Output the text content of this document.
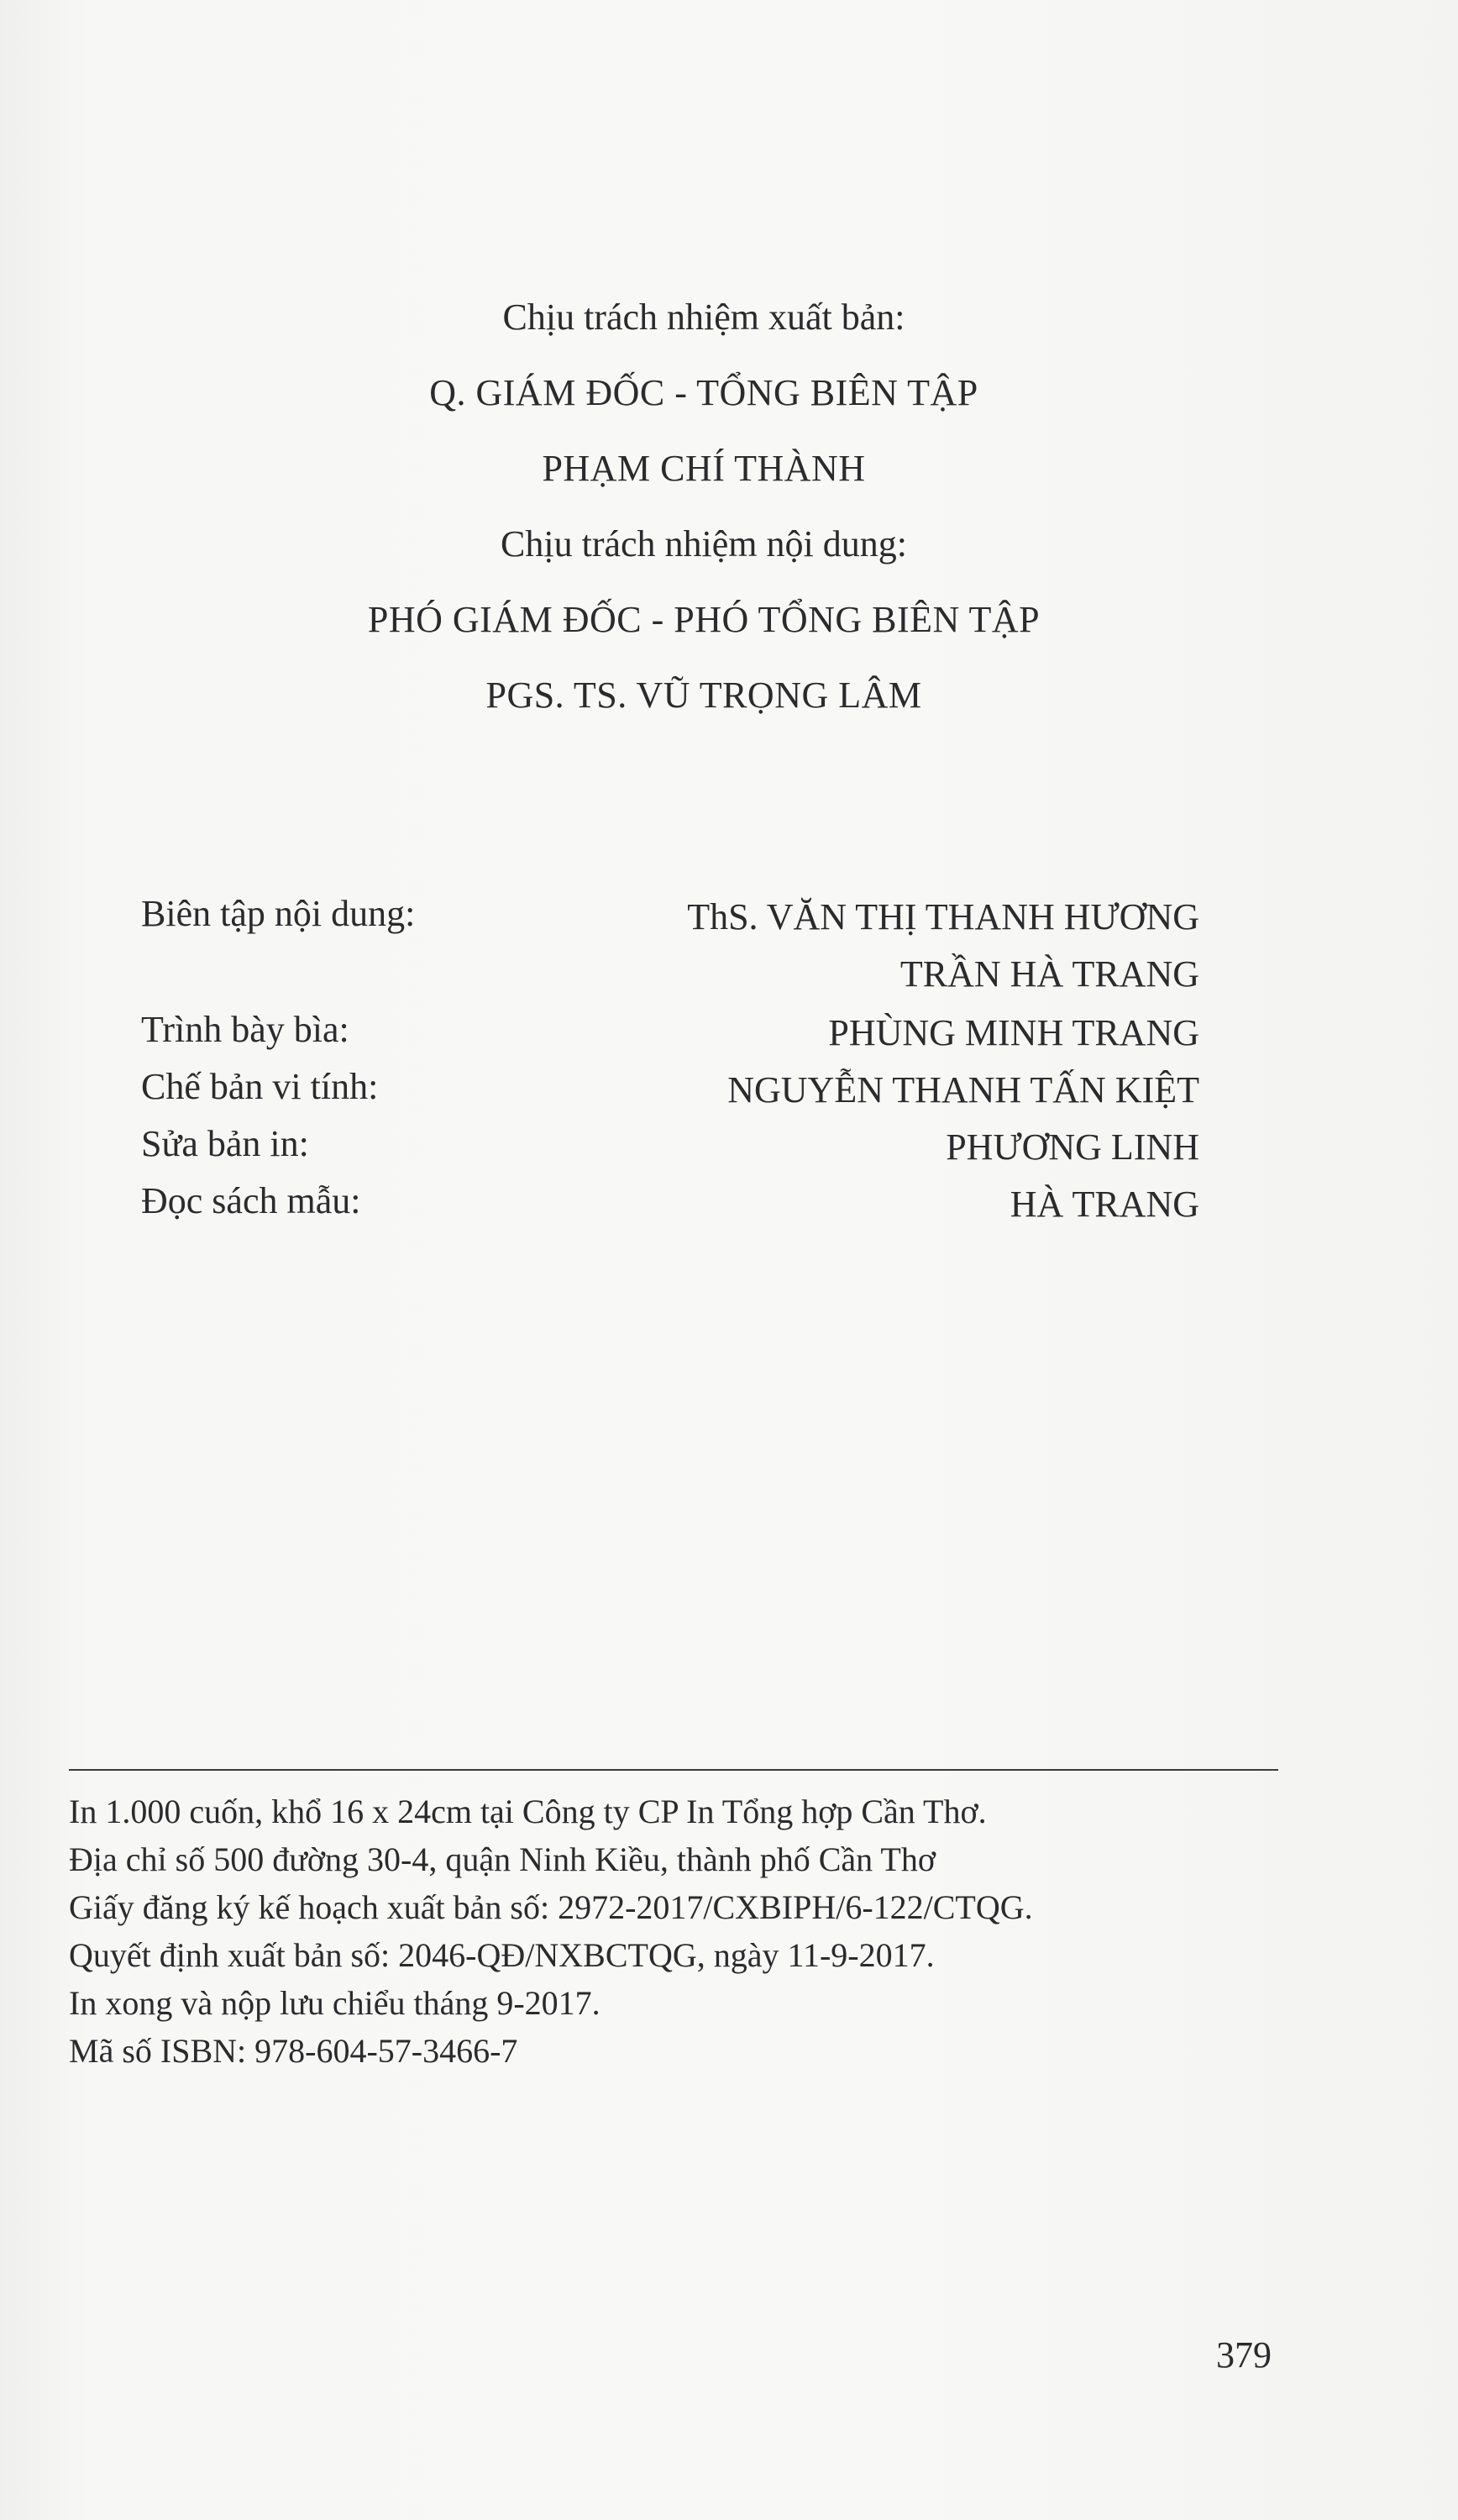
Chịu trách nhiệm xuất bản:
Q. GIÁM ĐỐC - TỔNG BIÊN TẬP
PHẠM CHÍ THÀNH
Chịu trách nhiệm nội dung:
PHÓ GIÁM ĐỐC - PHÓ TỔNG BIÊN TẬP
PGS. TS. VŨ TRỌNG LÂM
Biên tập nội dung:	ThS. VĂN THỊ THANH HƯƠNG
TRẦN HÀ TRANG
Trình bày bìa:	PHÙNG MINH TRANG
Chế bản vi tính:	NGUYỄN THANH TẤN KIỆT
Sửa bản in:	PHƯƠNG LINH
Đọc sách mẫu:	HÀ TRANG
In 1.000 cuốn, khổ 16 x 24cm tại Công ty CP In Tổng hợp Cần Thơ.
Địa chỉ số 500 đường 30-4, quận Ninh Kiều, thành phố Cần Thơ
Giấy đăng ký kế hoạch xuất bản số: 2972-2017/CXBIPH/6-122/CTQG.
Quyết định xuất bản số: 2046-QĐ/NXBCTQG, ngày 11-9-2017.
In xong và nộp lưu chiểu tháng 9-2017.
Mã số ISBN: 978-604-57-3466-7
379
